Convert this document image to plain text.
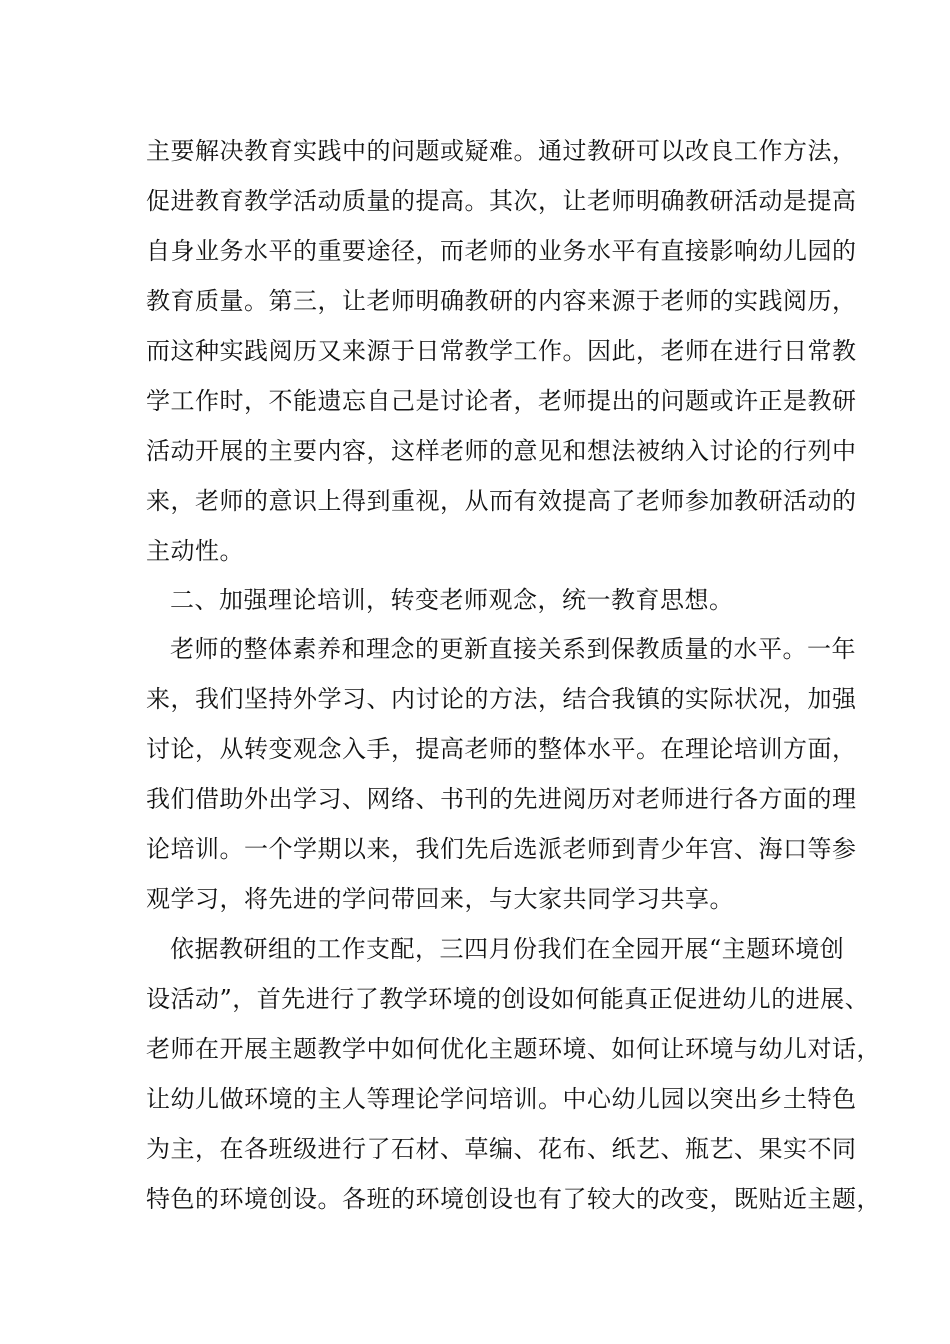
主要解决教育实践中的问题或疑难。通过教研可以改良工作方法，
促进教育教学活动质量的提高。其次，让老师明确教研活动是提高
自身业务水平的重要途径，而老师的业务水平有直接影响幼儿园的
教育质量。第三，让老师明确教研的内容来源于老师的实践阅历，
而这种实践阅历又来源于日常教学工作。因此，老师在进行日常教
学工作时，不能遗忘自己是讨论者，老师提出的问题或许正是教研
活动开展的主要内容，这样老师的意见和想法被纳入讨论的行列中
来，老师的意识上得到重视，从而有效提高了老师参加教研活动的
主动性。
二、加强理论培训，转变老师观念，统一教育思想。
老师的整体素养和理念的更新直接关系到保教质量的水平。一年
来，我们坚持外学习、内讨论的方法，结合我镇的实际状况，加强
讨论，从转变观念入手，提高老师的整体水平。在理论培训方面，
我们借助外出学习、网络、书刊的先进阅历对老师进行各方面的理
论培训。一个学期以来，我们先后选派老师到青少年宫、海口等参
观学习，将先进的学问带回来，与大家共同学习共享。
依据教研组的工作支配，三四月份我们在全园开展“主题环境创
设活动”，首先进行了教学环境的创设如何能真正促进幼儿的进展、
老师在开展主题教学中如何优化主题环境、如何让环境与幼儿对话，
让幼儿做环境的主人等理论学问培训。中心幼儿园以突出乡土特色
为主，在各班级进行了石材、草编、花布、纸艺、瓶艺、果实不同
特色的环境创设。各班的环境创设也有了较大的改变，既贴近主题，
